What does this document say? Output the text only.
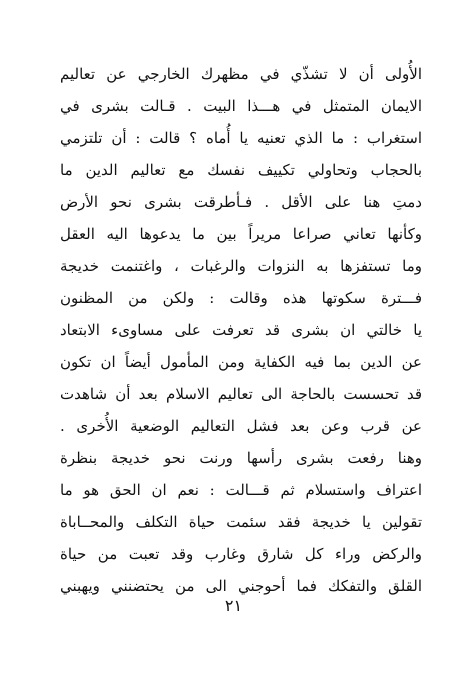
الأُولى أن لا تشذّي في مظهرك الخارجي عن تعاليم
الايمان المتمثل في هـــذا البيت . قـالت بشرى في
استغراب : ما الذي تعنيه يا أُماه ؟ قالت : أن تلتزمي
بالحجاب وتحاولي تكييف نفسك مع تعاليم الدين ما
دمتِ هنا على الأقل . فـأطرقت بشرى نحو الأرض
وكأنها تعاني صراعا مريراً بين ما يدعوها اليه العقل
وما تستفزها به النزوات والرغبات ، واغتنمت خديجة
فـــترة سكوتها هذه وقالت : ولكن من المظنون
يا خالتي ان بشرى قد تعرفت على مساوىء الابتعاد
عن الدين بما فيه الكفاية ومن المأمول أيضاً ان تكون
قد تحسست بالحاجة الى تعاليم الاسلام بعد أن شاهدت
عن قرب وعن بعد فشل التعاليم الوضعية الأُخرى .
وهنا رفعت بشرى رأسها ورنت نحو خديجة بنظرة
اعتراف واستسلام ثم قـــالت : نعم ان الحق هو ما
تقولين يا خديجة فقد سئمت حياة التكلف والمحــاباة
والركض وراء كل شارق وغارب وقد تعبت من حياة
القلق والتفكك فما أحوجني الى من يحتضنني ويهبني
٢١
